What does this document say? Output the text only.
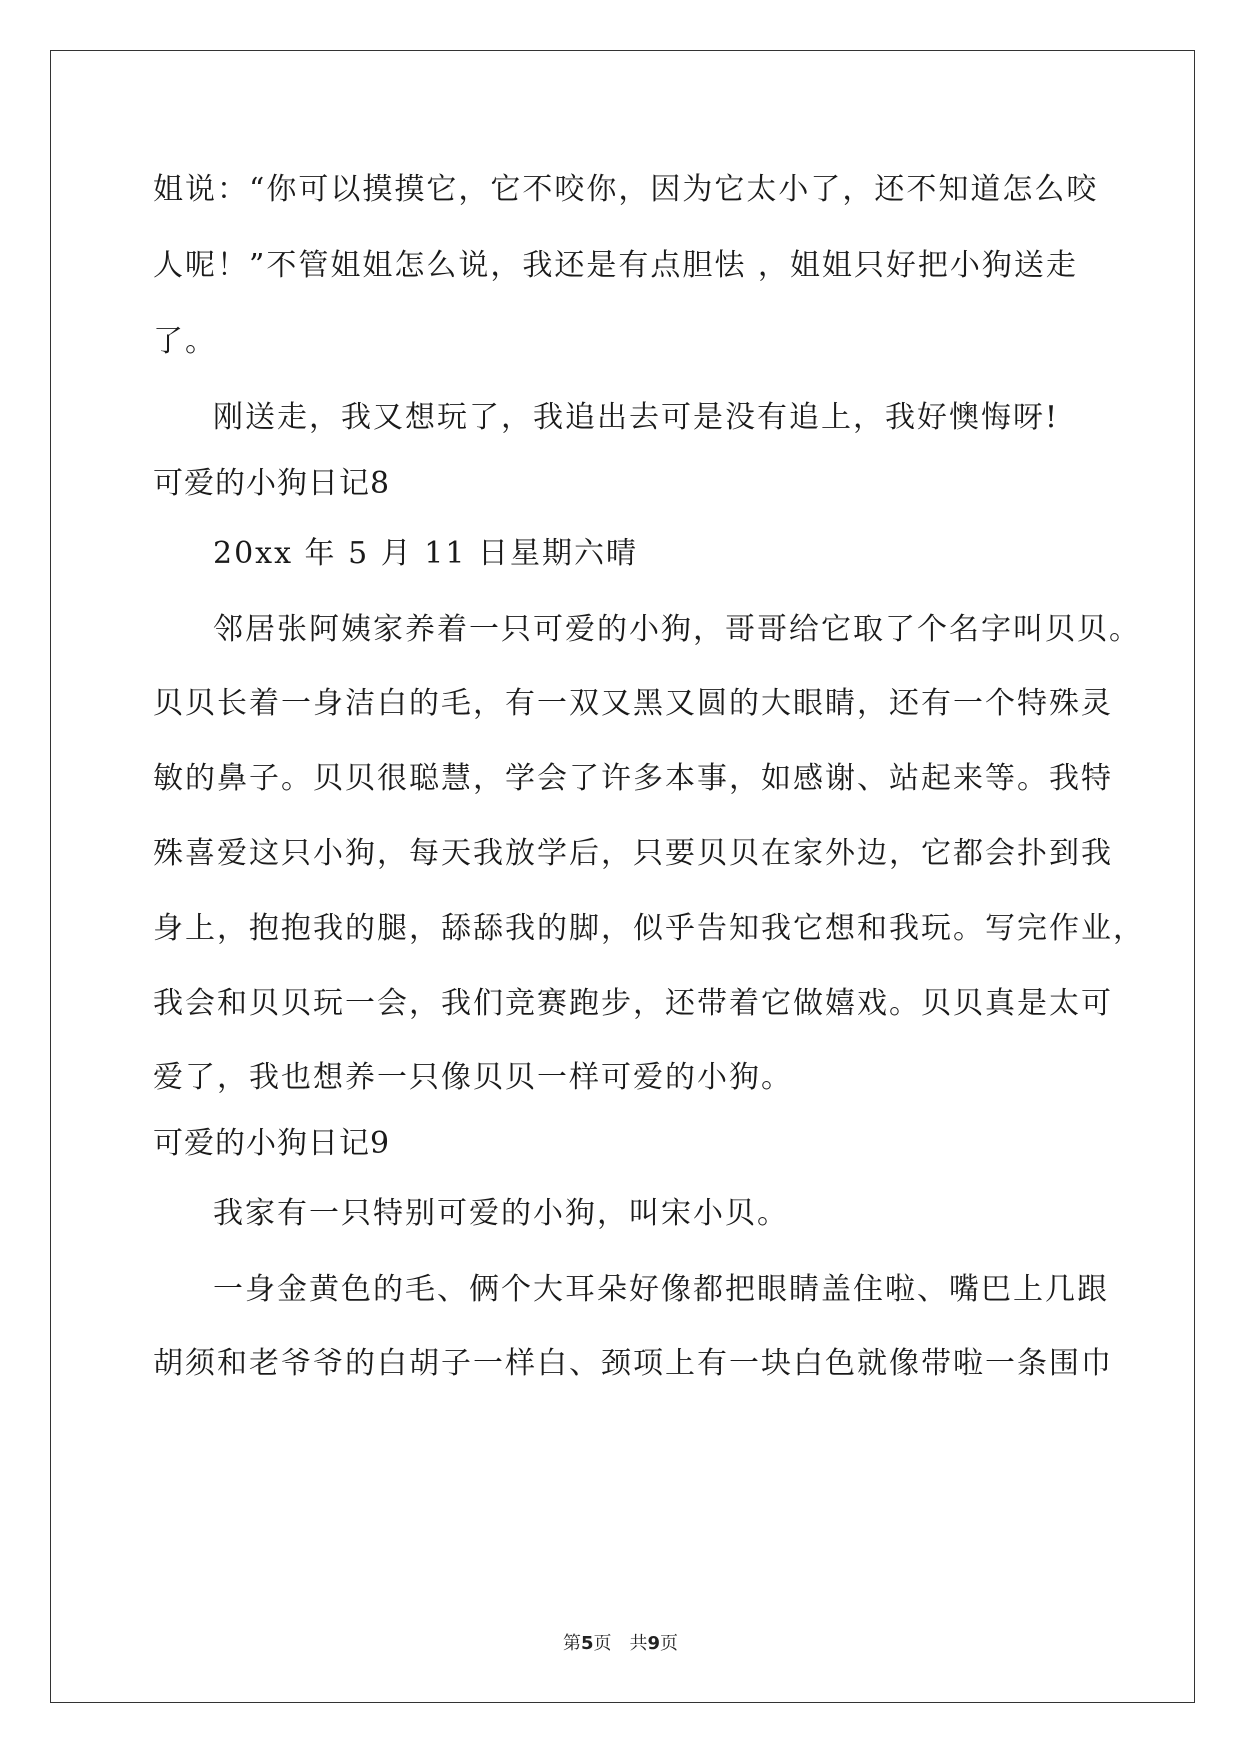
姐说：“你可以摸摸它，它不咬你，因为它太小了，还不知道怎么咬
人呢！”不管姐姐怎么说，我还是有点胆怯 ，姐姐只好把小狗送走
了。
刚送走，我又想玩了，我追出去可是没有追上，我好懊悔呀!
可爱的小狗日记8
20xx 年 5 月 11 日星期六晴
邻居张阿姨家养着一只可爱的小狗，哥哥给它取了个名字叫贝贝。
贝贝长着一身洁白的毛，有一双又黑又圆的大眼睛，还有一个特殊灵
敏的鼻子。贝贝很聪慧，学会了许多本事，如感谢、站起来等。我特
殊喜爱这只小狗，每天我放学后，只要贝贝在家外边，它都会扑到我
身上，抱抱我的腿，舔舔我的脚，似乎告知我它想和我玩。写完作业，
我会和贝贝玩一会，我们竞赛跑步，还带着它做嬉戏。贝贝真是太可
爱了，我也想养一只像贝贝一样可爱的小狗。
可爱的小狗日记9
我家有一只特别可爱的小狗，叫宋小贝。
一身金黄色的毛、俩个大耳朵好像都把眼睛盖住啦、嘴巴上几跟
胡须和老爷爷的白胡子一样白、颈项上有一块白色就像带啦一条围巾
第5页 共9页
